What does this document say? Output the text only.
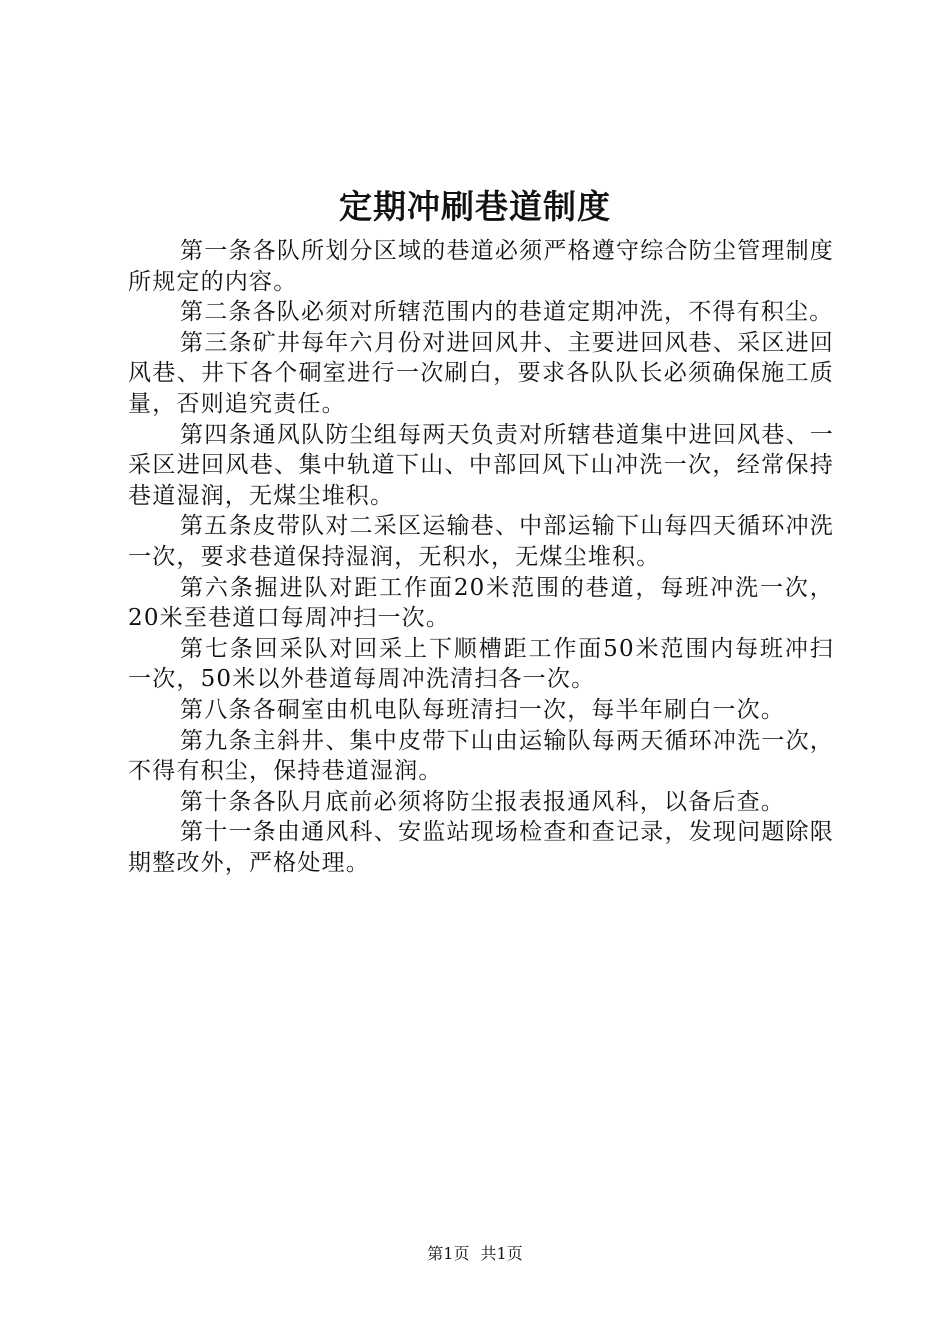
定期冲刷巷道制度

第一条各队所划分区域的巷道必须严格遵守综合防尘管理制度所规定的内容。

第二条各队必须对所辖范围内的巷道定期冲洗，不得有积尘。

第三条矿井每年六月份对进回风井、主要进回风巷、采区进回风巷、井下各个硐室进行一次刷白，要求各队队长必须确保施工质量，否则追究责任。

第四条通风队防尘组每两天负责对所辖巷道集中进回风巷、一采区进回风巷、集中轨道下山、中部回风下山冲洗一次，经常保持巷道湿润，无煤尘堆积。

第五条皮带队对二采区运输巷、中部运输下山每四天循环冲洗一次，要求巷道保持湿润，无积水，无煤尘堆积。

第六条掘进队对距工作面20米范围的巷道，每班冲洗一次，20米至巷道口每周冲扫一次。

第七条回采队对回采上下顺槽距工作面50米范围内每班冲扫一次，50米以外巷道每周冲洗清扫各一次。

第八条各硐室由机电队每班清扫一次，每半年刷白一次。

第九条主斜井、集中皮带下山由运输队每两天循环冲洗一次，不得有积尘，保持巷道湿润。

第十条各队月底前必须将防尘报表报通风科，以备后查。

第十一条由通风科、安监站现场检查和查记录，发现问题除限期整改外，严格处理。

第1页 共1页
